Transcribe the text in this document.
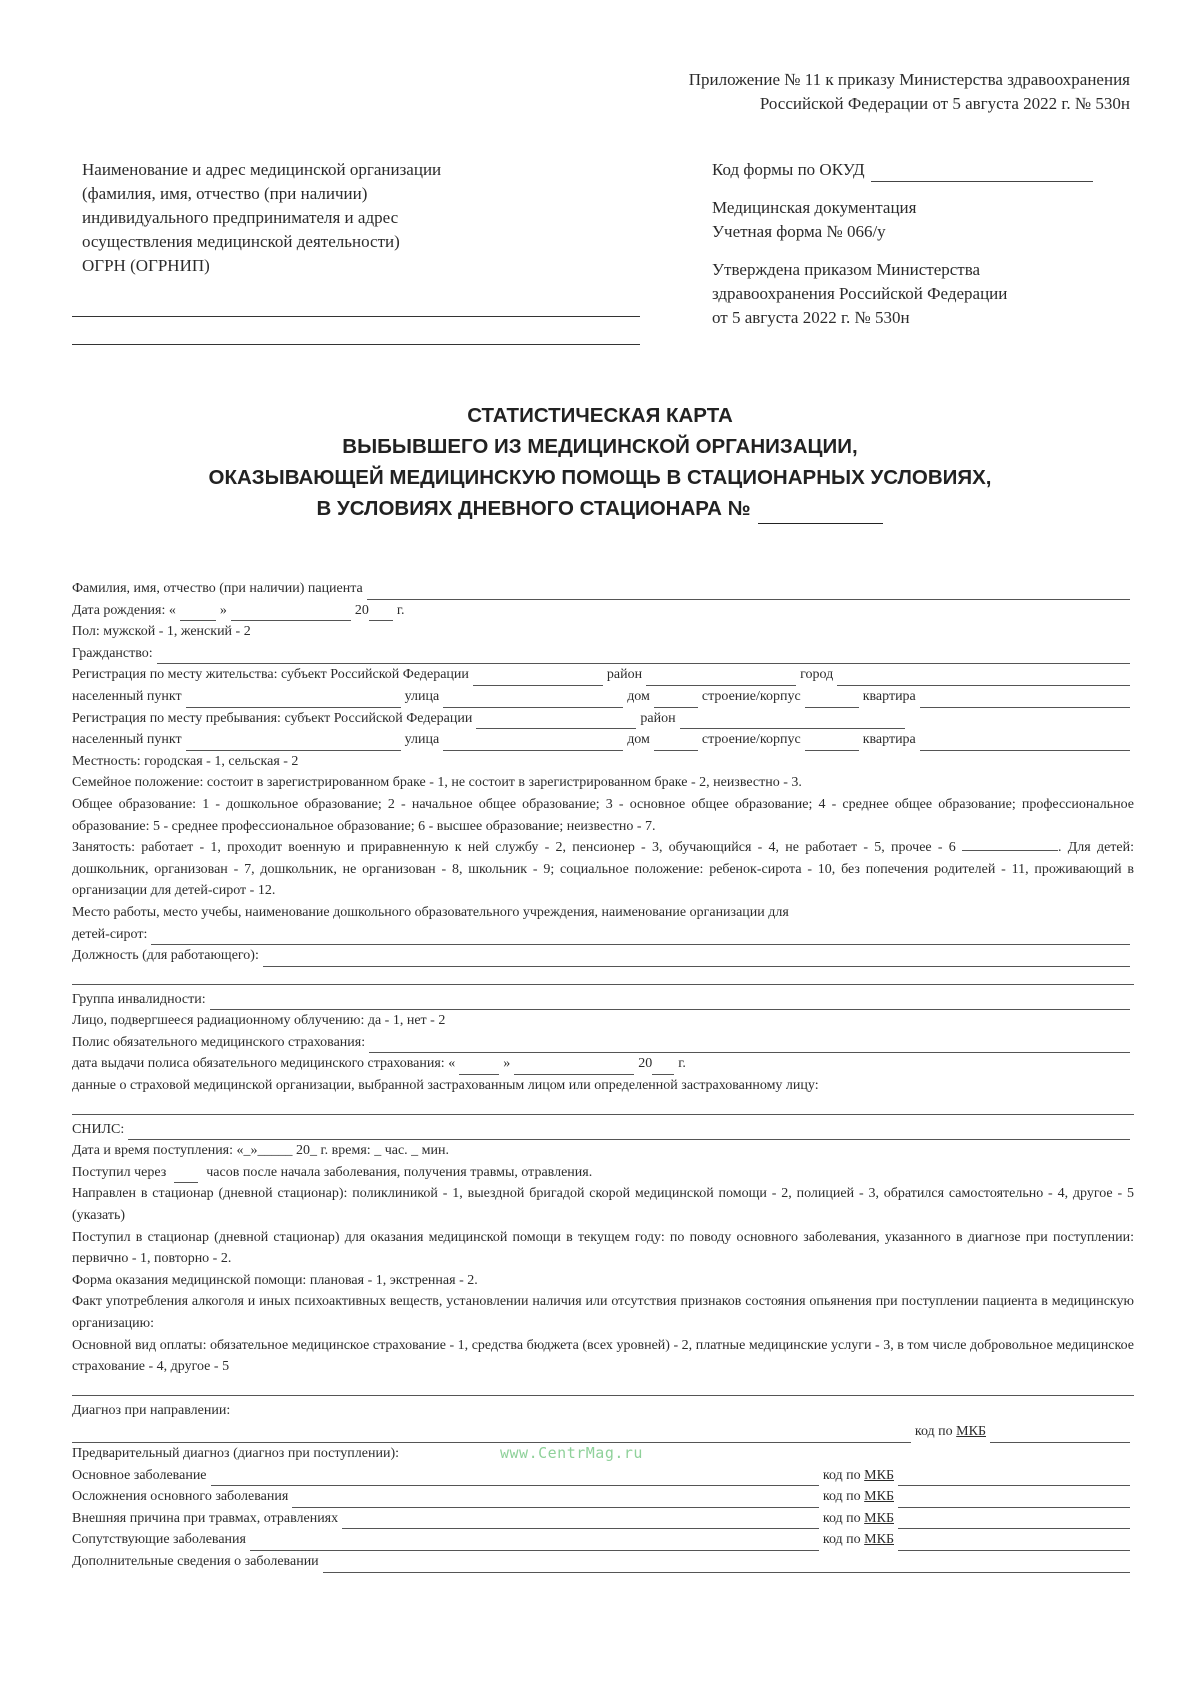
Приложение № 11 к приказу Министерства здравоохранения
Российской Федерации от 5 августа 2022 г. № 530н
Наименование и адрес медицинской организации
(фамилия, имя, отчество (при наличии)
индивидуального предпринимателя и адрес
осуществления медицинской деятельности)
ОГРН (ОГРНИП)
Код формы по ОКУД
Медицинская документация
Учетная форма № 066/у
Утверждена приказом Министерства
здравоохранения Российской Федерации
от 5 августа 2022 г. № 530н
СТАТИСТИЧЕСКАЯ КАРТА
ВЫБЫВШЕГО ИЗ МЕДИЦИНСКОЙ ОРГАНИЗАЦИИ,
ОКАЗЫВАЮЩЕЙ МЕДИЦИНСКУЮ ПОМОЩЬ В СТАЦИОНАРНЫХ УСЛОВИЯХ,
В УСЛОВИЯХ ДНЕВНОГО СТАЦИОНАРА №
Фамилия, имя, отчество (при наличии) пациента
Дата рождения: «	»	20 г.
Пол: мужской - 1, женский - 2
Гражданство:
Регистрация по месту жительства: субъект Российской Федерации	район	город
населенный пункт	улица	дом	строение/корпус	квартира
Регистрация по месту пребывания: субъект Российской Федерации	район
населенный пункт	улица	дом	строение/корпус	квартира
Местность: городская - 1, сельская - 2
Семейное положение: состоит в зарегистрированном браке - 1, не состоит в зарегистрированном браке - 2, неизвестно - 3.
Общее образование: 1 - дошкольное образование; 2 - начальное общее образование; 3 - основное общее образование; 4 - среднее общее образование; профессиональное образование: 5 - среднее профессиональное образование; 6 - высшее образование; неизвестно - 7.
Занятость: работает - 1, проходит военную и приравненную к ней службу - 2, пенсионер - 3, обучающийся - 4, не работает - 5, прочее - 6	. Для детей: дошкольник, организован - 7, дошкольник, не организован - 8, школьник - 9; социальное положение: ребенок-сирота - 10, без попечения родителей - 11, проживающий в организации для детей-сирот - 12.
Место работы, место учебы, наименование дошкольного образовательного учреждения, наименование организации для
детей-сирот:
Должность (для работающего):
Группа инвалидности:
Лицо, подвергшееся радиационному облучению: да - 1, нет - 2
Полис обязательного медицинского страхования:
дата выдачи полиса обязательного медицинского страхования: «	»	20 г.
данные о страховой медицинской организации, выбранной застрахованным лицом или определенной застрахованному лицу:
СНИЛС:
Дата и время поступления: «_»_____ 20_ г. время: _ час. _ мин.
Поступил через	часов после начала заболевания, получения травмы, отравления.
Направлен в стационар (дневной стационар): поликлиникой - 1, выездной бригадой скорой медицинской помощи - 2, полицией - 3, обратился самостоятельно - 4, другое - 5 (указать)
Поступил в стационар (дневной стационар) для оказания медицинской помощи в текущем году: по поводу основного заболевания, указанного в диагнозе при поступлении: первично - 1, повторно - 2.
Форма оказания медицинской помощи: плановая - 1, экстренная - 2.
Факт употребления алкоголя и иных психоактивных веществ, установлении наличия или отсутствия признаков состояния опьянения при поступлении пациента в медицинскую организацию:
Основной вид оплаты: обязательное медицинское страхование - 1, средства бюджета (всех уровней) - 2, платные медицинские услуги - 3, в том числе добровольное медицинское страхование - 4, другое - 5
Диагноз при направлении:
код по
МКБ
Предварительный диагноз (диагноз при поступлении):
Основное заболевание	код по
МКБ
Осложнения основного заболевания	код по
МКБ
Внешняя причина при травмах, отравлениях	код по
МКБ
Сопутствующие заболевания	код по
МКБ
Дополнительные сведения о заболевании
www.CentrMag.ru
